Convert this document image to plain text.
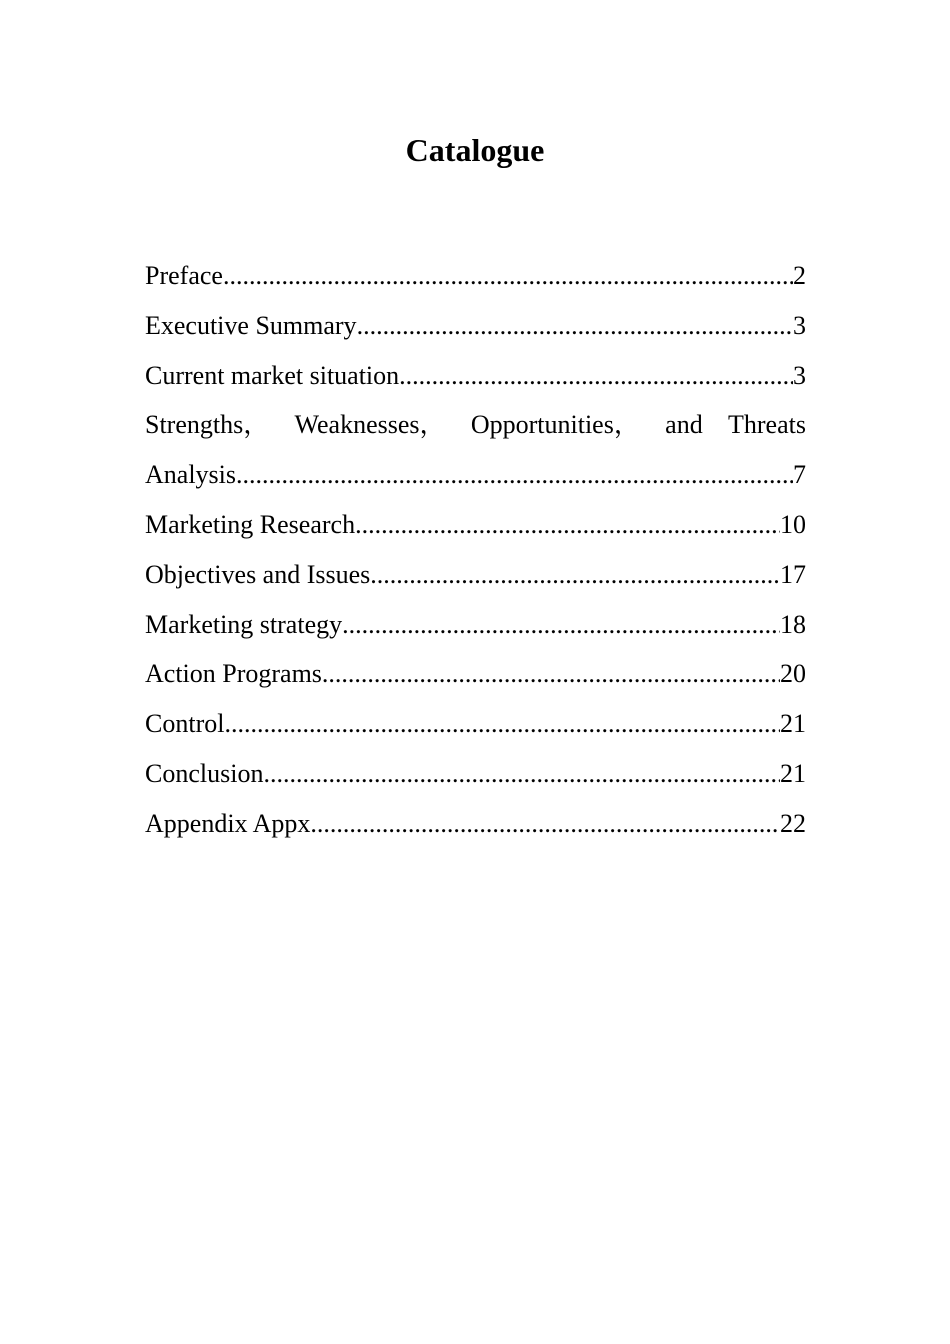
Catalogue
Preface .....	2
Executive Summary .....	3
Current market situation .....	3
Strengths， Weaknesses， Opportunities， and Threats
Analysis .....	7
Marketing Research .....	10
Objectives and Issues .....	17
Marketing strategy .....	18
Action Programs .....	20
Control .....	21
Conclusion .....	21
Appendix Appx .....	22
